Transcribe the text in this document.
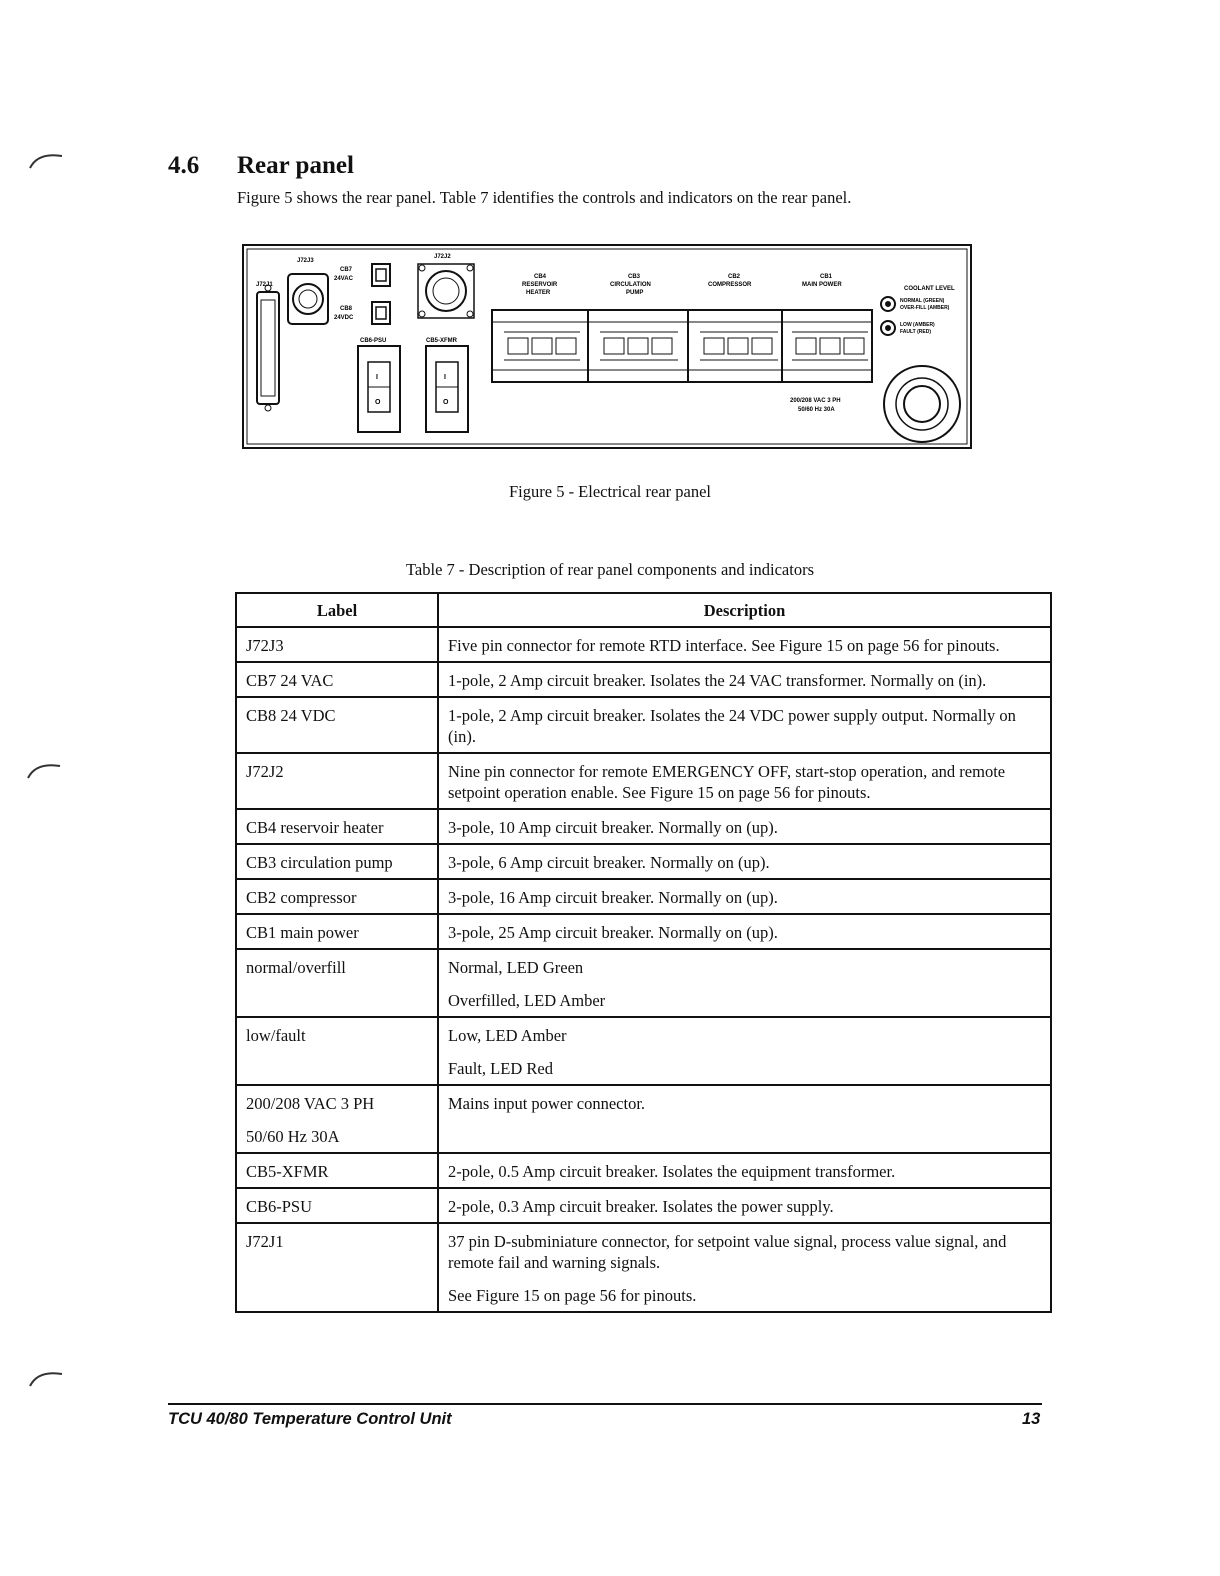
4.6 Rear panel
Figure 5 shows the rear panel. Table 7 identifies the controls and indicators on the rear panel.
J72J1
J72J3
CB7
24VAC
CB8
24VDC
J72J2
CB6-PSU
I
O
CB5-XFMR
I
O
CB4
RESERVOIR
HEATER
CB3
CIRCULATION
PUMP
CB2
COMPRESSOR
CB1
MAIN POWER
COOLANT LEVEL
NORMAL (GREEN)
OVER-FILL (AMBER)
LOW (AMBER)
FAULT (RED)
200/208 VAC 3 PH
50/60 Hz 30A
Figure 5 - Electrical rear panel
Table 7 - Description of rear panel components and indicators
Label	Description
J72J3	Five pin connector for remote RTD interface. See Figure 15 on page 56 for pinouts.

CB7 24 VAC	1-pole, 2 Amp circuit breaker. Isolates the 24 VAC transformer. Normally on (in).

CB8 24 VDC	1-pole, 2 Amp circuit breaker. Isolates the 24 VDC power supply output. Normally on (in).

J72J2	Nine pin connector for remote EMERGENCY OFF, start-stop operation, and remote setpoint operation enable. See Figure 15 on page 56 for pinouts.

CB4 reservoir heater	3-pole, 10 Amp circuit breaker. Normally on (up).

CB3 circulation pump	3-pole, 6 Amp circuit breaker. Normally on (up).

CB2 compressor	3-pole, 16 Amp circuit breaker. Normally on (up).

CB1 main power	3-pole, 25 Amp circuit breaker. Normally on (up).

normal/overfill	Normal, LED Green

Overfilled, LED Amber

low/fault	Low, LED Amber

Fault, LED Red

200/208 VAC 3 PH

50/60 Hz 30A	Mains input power connector.

CB5-XFMR	2-pole, 0.5 Amp circuit breaker. Isolates the equipment transformer.

CB6-PSU	2-pole, 0.3 Amp circuit breaker. Isolates the power supply.

J72J1	37 pin D-subminiature connector, for setpoint value signal, process value signal, and remote fail and warning signals.

See Figure 15 on page 56 for pinouts.

TCU 40/80 Temperature Control Unit	13
